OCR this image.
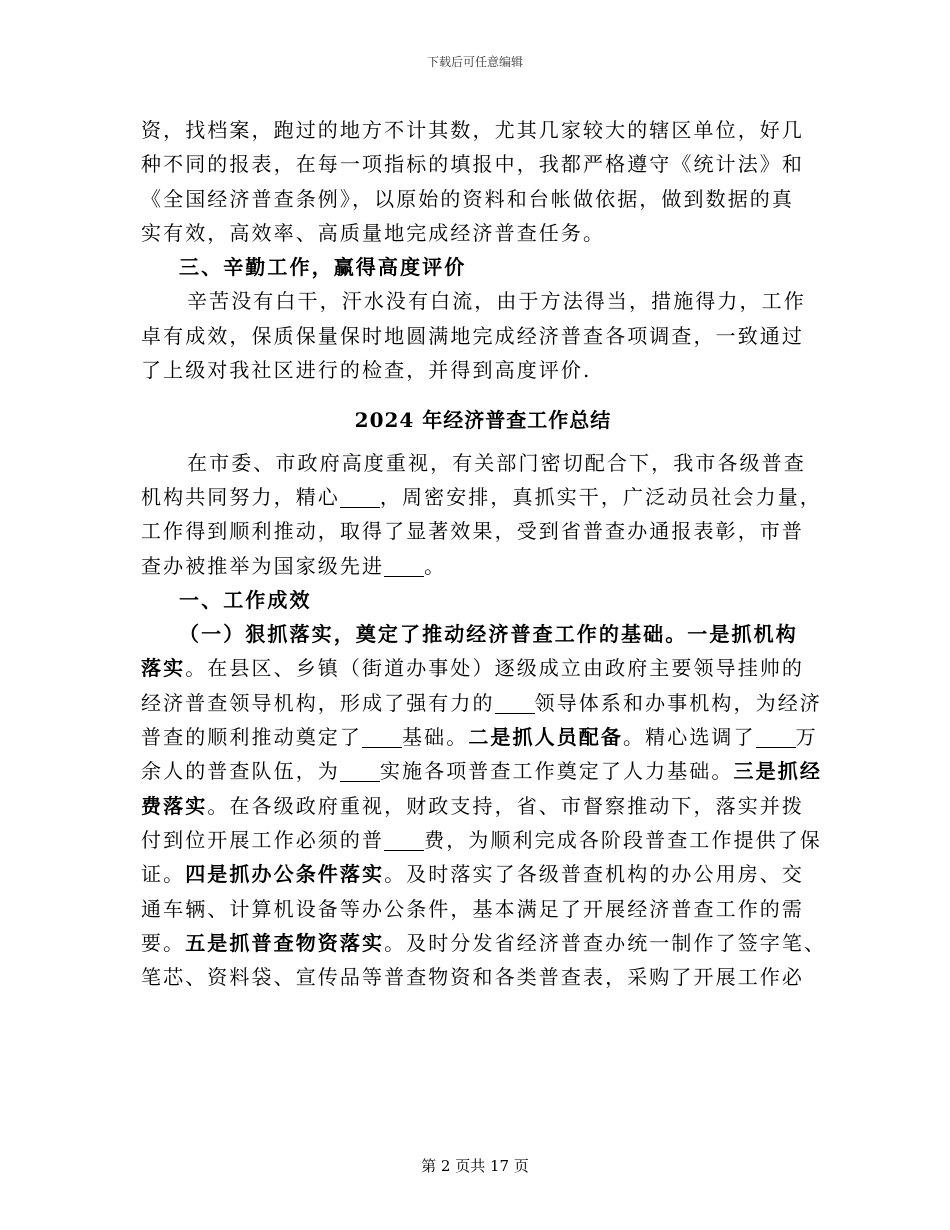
下载后可任意编辑
资，找档案，跑过的地方不计其数，尤其几家较大的辖区单位，好几
种不同的报表，在每一项指标的填报中，我都严格遵守《统计法》和
《全国经济普查条例》，以原始的资料和台帐做依据，做到数据的真
实有效，高效率、高质量地完成经济普查任务。
三、辛勤工作，赢得高度评价
辛苦没有白干，汗水没有白流，由于方法得当，措施得力，工作
卓有成效，保质保量保时地圆满地完成经济普查各项调查，一致通过
了上级对我社区进行的检查，并得到高度评价.
2024 年经济普查工作总结
在市委、市政府高度重视，有关部门密切配合下，我市各级普查
机构共同努力，精心 ，周密安排，真抓实干，广泛动员社会力量，
工作得到顺利推动，取得了显著效果，受到省普查办通报表彰，市普
查办被推举为国家级先进 。
一、工作成效
（一）狠抓落实，奠定了推动经济普查工作的基础。一是抓机构
落实。在县区、乡镇（街道办事处）逐级成立由政府主要领导挂帅的
经济普查领导机构，形成了强有力的 领导体系和办事机构，为经济
普查的顺利推动奠定了 基础。二是抓人员配备。精心选调了 万
余人的普查队伍，为 实施各项普查工作奠定了人力基础。三是抓经
费落实。在各级政府重视，财政支持，省、市督察推动下，落实并拨
付到位开展工作必须的普 费，为顺利完成各阶段普查工作提供了保
证。四是抓办公条件落实。及时落实了各级普查机构的办公用房、交
通车辆、计算机设备等办公条件，基本满足了开展经济普查工作的需
要。五是抓普查物资落实。及时分发省经济普查办统一制作了签字笔、
笔芯、资料袋、宣传品等普查物资和各类普查表，采购了开展工作必
第 2 页共 17 页
